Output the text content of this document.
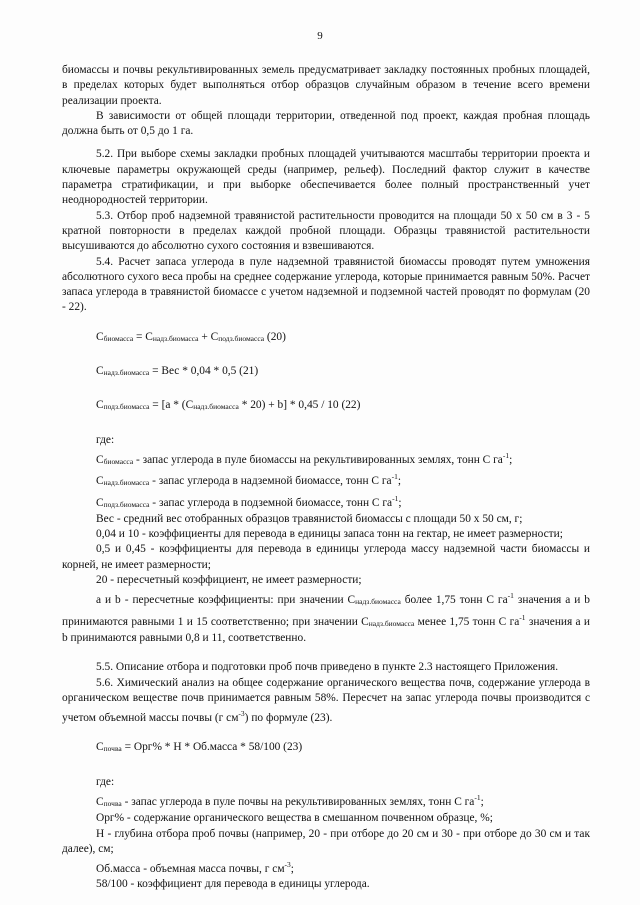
9

биомассы и почвы рекультивированных земель предусматривает закладку постоянных пробных площадей, в пределах которых будет выполняться отбор образцов случайным образом в течение всего времени реализации проекта.

В зависимости от общей площади территории, отведенной под проект, каждая пробная площадь должна быть от 0,5 до 1 га.

5.2. При выборе схемы закладки пробных площадей учитываются масштабы территории проекта и ключевые параметры окружающей среды (например, рельеф). Последний фактор служит в качестве параметра стратификации, и при выборке обеспечивается более полный пространственный учет неоднородностей территории.

5.3. Отбор проб надземной травянистой растительности проводится на площади 50 х 50 см в 3 - 5 кратной повторности в пределах каждой пробной площади. Образцы травянистой растительности высушиваются до абсолютно сухого состояния и взвешиваются.

5.4. Расчет запаса углерода в пуле надземной травянистой биомассы проводят путем умножения абсолютного сухого веса пробы на среднее содержание углерода, которые принимается равным 50%. Расчет запаса углерода в травянистой биомассе с учетом надземной и подземной частей проводят по формулам (20 - 22).

$С_{биомасса} = С_{надз.биомасса} + С_{подз.биомасса}$ (20)

$С_{надз.биомасса}$ = Вес * 0,04 * 0,5 (21)

$С_{подз.биомасса} = [а * (С_{надз.биомасса} * 20) + b] * 0,45 / 10$ (22)

где:

$С_{биомасса}$ - запас углерода в пуле биомассы на рекультивированных землях, тонн С $га^{-1}$;

$С_{надз.биомасса}$ - запас углерода в надземной биомассе, тонн С $га^{-1}$;

$С_{подз.биомасса}$ - запас углерода в подземной биомассе, тонн С $га^{-1}$;

Вес - средний вес отобранных образцов травянистой биомассы с площади 50 х 50 см, г;

0,04 и 10 - коэффициенты для перевода в единицы запаса тонн на гектар, не имеет размерности;

0,5 и 0,45 - коэффициенты для перевода в единицы углерода массу надземной части биомассы и корней, не имеет размерности;

20 - пересчетный коэффициент, не имеет размерности;

а и b - пересчетные коэффициенты: при значении $С_{надз.биомасса}$ более 1,75 тонн С $га^{-1}$ значения а и b принимаются равными 1 и 15 соответственно; при значении $С_{надз.биомасса}$ менее 1,75 тонн С $га^{-1}$ значения а и b принимаются равными 0,8 и 11, соответственно.

5.5. Описание отбора и подготовки проб почв приведено в пункте 2.3 настоящего Приложения.

5.6. Химический анализ на общее содержание органического вещества почв, содержание углерода в органическом веществе почв принимается равным 58%. Пересчет на запас углерода почвы производится с учетом объемной массы почвы (г $см^{-3}$) по формуле (23).

$С_{почва} = Орг\% * Н$ * Об.масса * 58/100 (23)

где:

$С_{почва}$ - запас углерода в пуле почвы на рекультивированных землях, тонн С $га^{-1}$;

Орг% - содержание органического вещества в смешанном почвенном образце, %;

Н - глубина отбора проб почвы (например, 20 - при отборе до 20 см и 30 - при отборе до 30 см и так далее), см;

Об.масса - объемная масса почвы, г $см^{-3}$;

58/100 - коэффициент для перевода в единицы углерода.
